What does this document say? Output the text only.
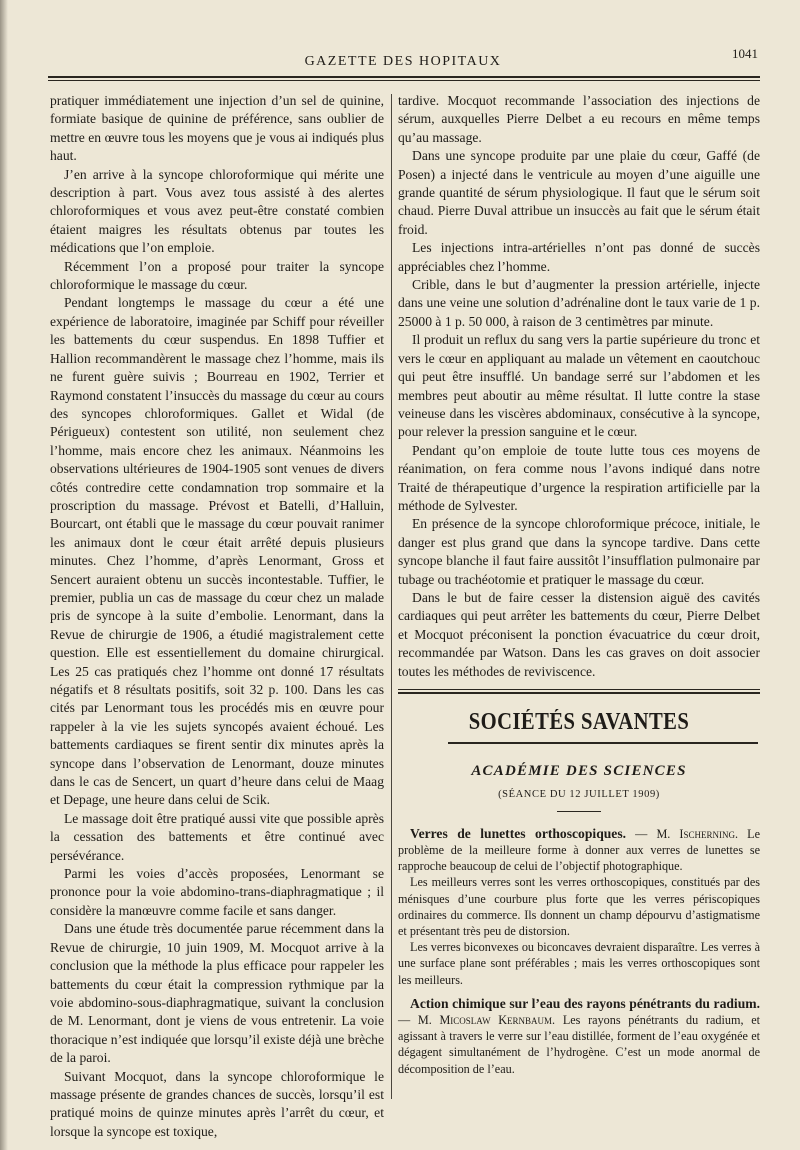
GAZETTE DES HOPITAUX
1041

pratiquer immédiatement une injection d’un sel de quinine, formiate basique de quinine de préférence, sans oublier de mettre en œuvre tous les moyens que je vous ai indiqués plus haut.

J’en arrive à la syncope chloroformique qui mérite une description à part. Vous avez tous assisté à des alertes chloroformiques et vous avez peut-être constaté combien étaient maigres les résultats obtenus par toutes les médications que l’on emploie.

Récemment l’on a proposé pour traiter la syncope chloroformique le massage du cœur.

Pendant longtemps le massage du cœur a été une expérience de laboratoire, imaginée par Schiff pour réveiller les battements du cœur suspendus. En 1898 Tuffier et Hallion recommandèrent le massage chez l’homme, mais ils ne furent guère suivis ; Bourreau en 1902, Terrier et Raymond constatent l’insuccès du massage du cœur au cours des syncopes chloroformiques. Gallet et Widal (de Périgueux) contestent son utilité, non seulement chez l’homme, mais encore chez les animaux. Néanmoins les observations ultérieures de 1904-1905 sont venues de divers côtés contredire cette condamnation trop sommaire et la proscription du massage. Prévost et Batelli, d’Halluin, Bourcart, ont établi que le massage du cœur pouvait ranimer les animaux dont le cœur était arrêté depuis plusieurs minutes. Chez l’homme, d’après Lenormant, Gross et Sencert auraient obtenu un succès incontestable. Tuffier, le premier, publia un cas de massage du cœur chez un malade pris de syncope à la suite d’embolie. Lenormant, dans la Revue de chirurgie de 1906, a étudié magistralement cette question. Elle est essentiellement du domaine chirurgical. Les 25 cas pratiqués chez l’homme ont donné 17 résultats négatifs et 8 résultats positifs, soit 32 p. 100. Dans les cas cités par Lenormant tous les procédés mis en œuvre pour rappeler à la vie les sujets syncopés avaient échoué. Les battements cardiaques se firent sentir dix minutes après la syncope dans l’observation de Lenormant, douze minutes dans le cas de Sencert, un quart d’heure dans celui de Maag et Depage, une heure dans celui de Scik.

Le massage doit être pratiqué aussi vite que possible après la cessation des battements et être continué avec persévérance.

Parmi les voies d’accès proposées, Lenormant se prononce pour la voie abdomino-trans-diaphragmatique ; il considère la manœuvre comme facile et sans danger.

Dans une étude très documentée parue récemment dans la Revue de chirurgie, 10 juin 1909, M. Mocquot arrive à la conclusion que la méthode la plus efficace pour rappeler les battements du cœur était la compression rythmique par la voie abdomino-sous-diaphragmatique, suivant la conclusion de M. Lenormant, dont je viens de vous entretenir. La voie thoracique n’est indiquée que lorsqu’il existe déjà une brèche de la paroi.

Suivant Mocquot, dans la syncope chloroformique le massage présente de grandes chances de succès, lorsqu’il est pratiqué moins de quinze minutes après l’arrêt du cœur, et lorsque la syncope est toxique,

tardive. Mocquot recommande l’association des injections de sérum, auxquelles Pierre Delbet a eu recours en même temps qu’au massage.

Dans une syncope produite par une plaie du cœur, Gaffé (de Posen) a injecté dans le ventricule au moyen d’une aiguille une grande quantité de sérum physiologique. Il faut que le sérum soit chaud. Pierre Duval attribue un insuccès au fait que le sérum était froid.

Les injections intra-artérielles n’ont pas donné de succès appréciables chez l’homme.

Crible, dans le but d’augmenter la pression artérielle, injecte dans une veine une solution d’adrénaline dont le taux varie de 1 p. 25000 à 1 p. 50 000, à raison de 3 centimètres par minute.

Il produit un reflux du sang vers la partie supérieure du tronc et vers le cœur en appliquant au malade un vêtement en caoutchouc qui peut être insufflé. Un bandage serré sur l’abdomen et les membres peut aboutir au même résultat. Il lutte contre la stase veineuse dans les viscères abdominaux, consécutive à la syncope, pour relever la pression sanguine et le cœur.

Pendant qu’on emploie de toute lutte tous ces moyens de réanimation, on fera comme nous l’avons indiqué dans notre Traité de thérapeutique d’urgence la respiration artificielle par la méthode de Sylvester.

En présence de la syncope chloroformique précoce, initiale, le danger est plus grand que dans la syncope tardive. Dans cette syncope blanche il faut faire aussitôt l’insufflation pulmonaire par tubage ou trachéotomie et pratiquer le massage du cœur.

Dans le but de faire cesser la distension aiguë des cavités cardiaques qui peut arrêter les battements du cœur, Pierre Delbet et Mocquot préconisent la ponction évacuatrice du cœur droit, recommandée par Watson. Dans les cas graves on doit associer toutes les méthodes de reviviscence.

SOCIÉTÉS SAVANTES
ACADÉMIE DES SCIENCES
(SÉANCE DU 12 JUILLET 1909)

Verres de lunettes orthoscopiques. — M. Ischerning. Le problème de la meilleure forme à donner aux verres de lunettes se rapproche beaucoup de celui de l’objectif photographique.

Les meilleurs verres sont les verres orthoscopiques, constitués par des ménisques d’une courbure plus forte que les verres périscopiques ordinaires du commerce. Ils donnent un champ dépourvu d’astigmatisme et présentant très peu de distorsion.

Les verres biconvexes ou biconcaves devraient disparaître. Les verres à une surface plane sont préférables ; mais les verres orthoscopiques sont les meilleurs.

Action chimique sur l’eau des rayons pénétrants du radium. — M. Micoslaw Kernbaum. Les rayons pénétrants du radium, et agissant à travers le verre sur l’eau distillée, forment de l’eau oxygénée et dégagent simultanément de l’hydrogène. C’est un mode anormal de décomposition de l’eau.
